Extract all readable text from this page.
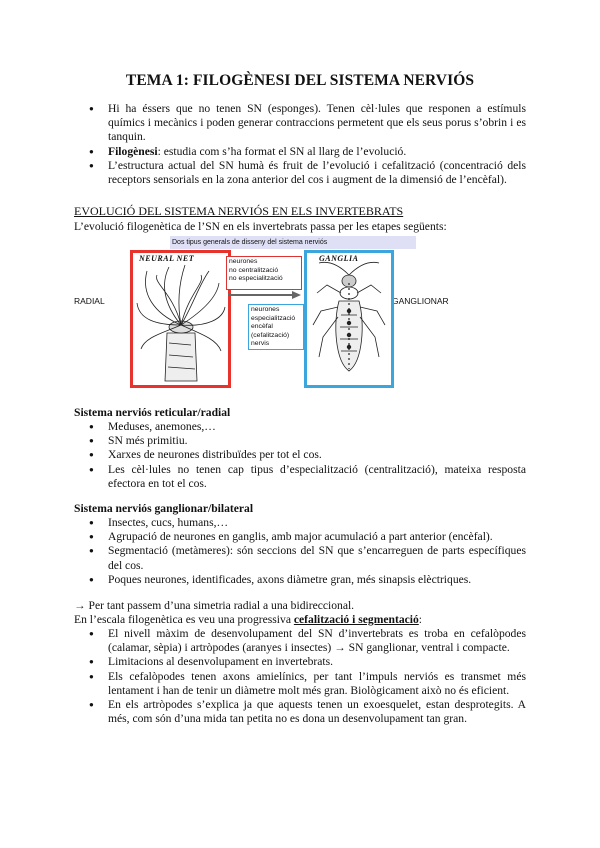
TEMA 1: FILOGÈNESI DEL SISTEMA NERVIÓS
● Hi ha éssers que no tenen SN (esponges). Tenen cèl·lules que responen a estímuls químics i mecànics i poden generar contraccions permetent que els seus porus s’obrin i es tanquin.
● Filogènesi: estudia com s’ha format el SN al llarg de l’evolució.
● L’estructura actual del SN humà és fruit de l’evolució i cefalització (concentració dels receptors sensorials en la zona anterior del cos i augment de la dimensió de l’encèfal).
EVOLUCIÓ DEL SISTEMA NERVIÓS EN ELS INVERTEBRATS
L’evolució filogenètica de l’SN en els invertebrats passa per les etapes següents:
Dos tipus generals de disseny del sistema nerviós
RADIAL	GANGLIONAR
NEURAL NET	neurones
no centralització
no especialització
neurones
especialització
encèfal (cefalització)
nervis
GANGLIA
Sistema nerviós reticular/radial
● Meduses, anemones,…
● SN més primitiu.
● Xarxes de neurones distribuïdes per tot el cos.
● Les cèl·lules no tenen cap tipus d’especialització (centralització), mateixa resposta efectora en tot el cos.
Sistema nerviós ganglionar/bilateral
● Insectes, cucs, humans,…
● Agrupació de neurones en ganglis, amb major acumulació a part anterior (encèfal).
● Segmentació (metàmeres): són seccions del SN que s’encarreguen de parts específiques del cos.
● Poques neurones, identificades, axons diàmetre gran, més sinapsis elèctriques.
→ Per tant passem d’una simetria radial a una bidireccional.
En l’escala filogenètica es veu una progressiva cefalització i segmentació:
● El nivell màxim de desenvolupament del SN d’invertebrats es troba en cefalòpodes (calamar, sèpia) i artròpodes (aranyes i insectes) → SN ganglionar, ventral i compacte.
● Limitacions al desenvolupament en invertebrats.
● Els cefalòpodes tenen axons amielínics, per tant l’impuls nerviós es transmet més lentament i han de tenir un diàmetre molt més gran. Biològicament això no és eficient.
● En els artròpodes s’explica ja que aquests tenen un exoesquelet, estan desprotegits. A més, com són d’una mida tan petita no es dona un desenvolupament tan gran.
